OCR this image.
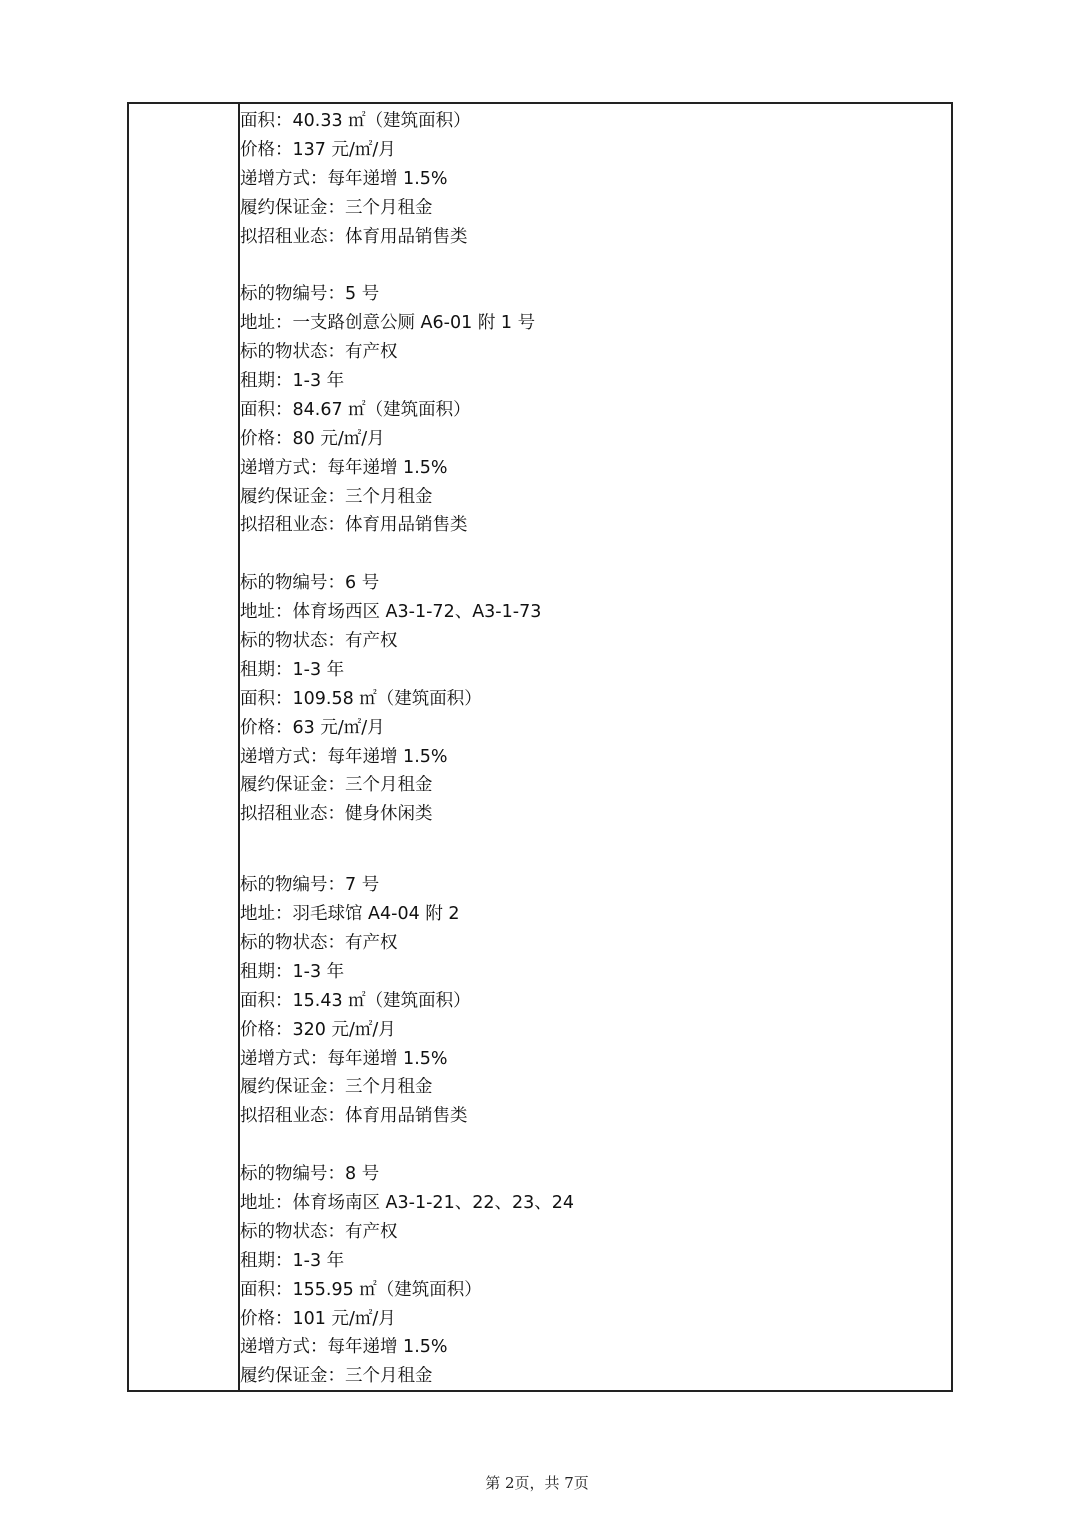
面积：40.33 ㎡（建筑面积）
价格：137 元/㎡/月
递增方式：每年递增 1.5%
履约保证金：三个月租金
拟招租业态：体育用品销售类
标的物编号：5 号
地址：一支路创意公厕 A6-01 附 1 号
标的物状态：有产权
租期：1-3 年
面积：84.67 ㎡（建筑面积）
价格：80 元/㎡/月
递增方式：每年递增 1.5%
履约保证金：三个月租金
拟招租业态：体育用品销售类
标的物编号：6 号
地址：体育场西区 A3-1-72、A3-1-73
标的物状态：有产权
租期：1-3 年
面积：109.58 ㎡（建筑面积）
价格：63 元/㎡/月
递增方式：每年递增 1.5%
履约保证金：三个月租金
拟招租业态：健身休闲类
标的物编号：7 号
地址：羽毛球馆 A4-04 附 2
标的物状态：有产权
租期：1-3 年
面积：15.43 ㎡（建筑面积）
价格：320 元/㎡/月
递增方式：每年递增 1.5%
履约保证金：三个月租金
拟招租业态：体育用品销售类
标的物编号：8 号
地址：体育场南区 A3-1-21、22、23、24
标的物状态：有产权
租期：1-3 年
面积：155.95 ㎡（建筑面积）
价格：101 元/㎡/月
递增方式：每年递增 1.5%
履约保证金：三个月租金
第 2页，共 7页
